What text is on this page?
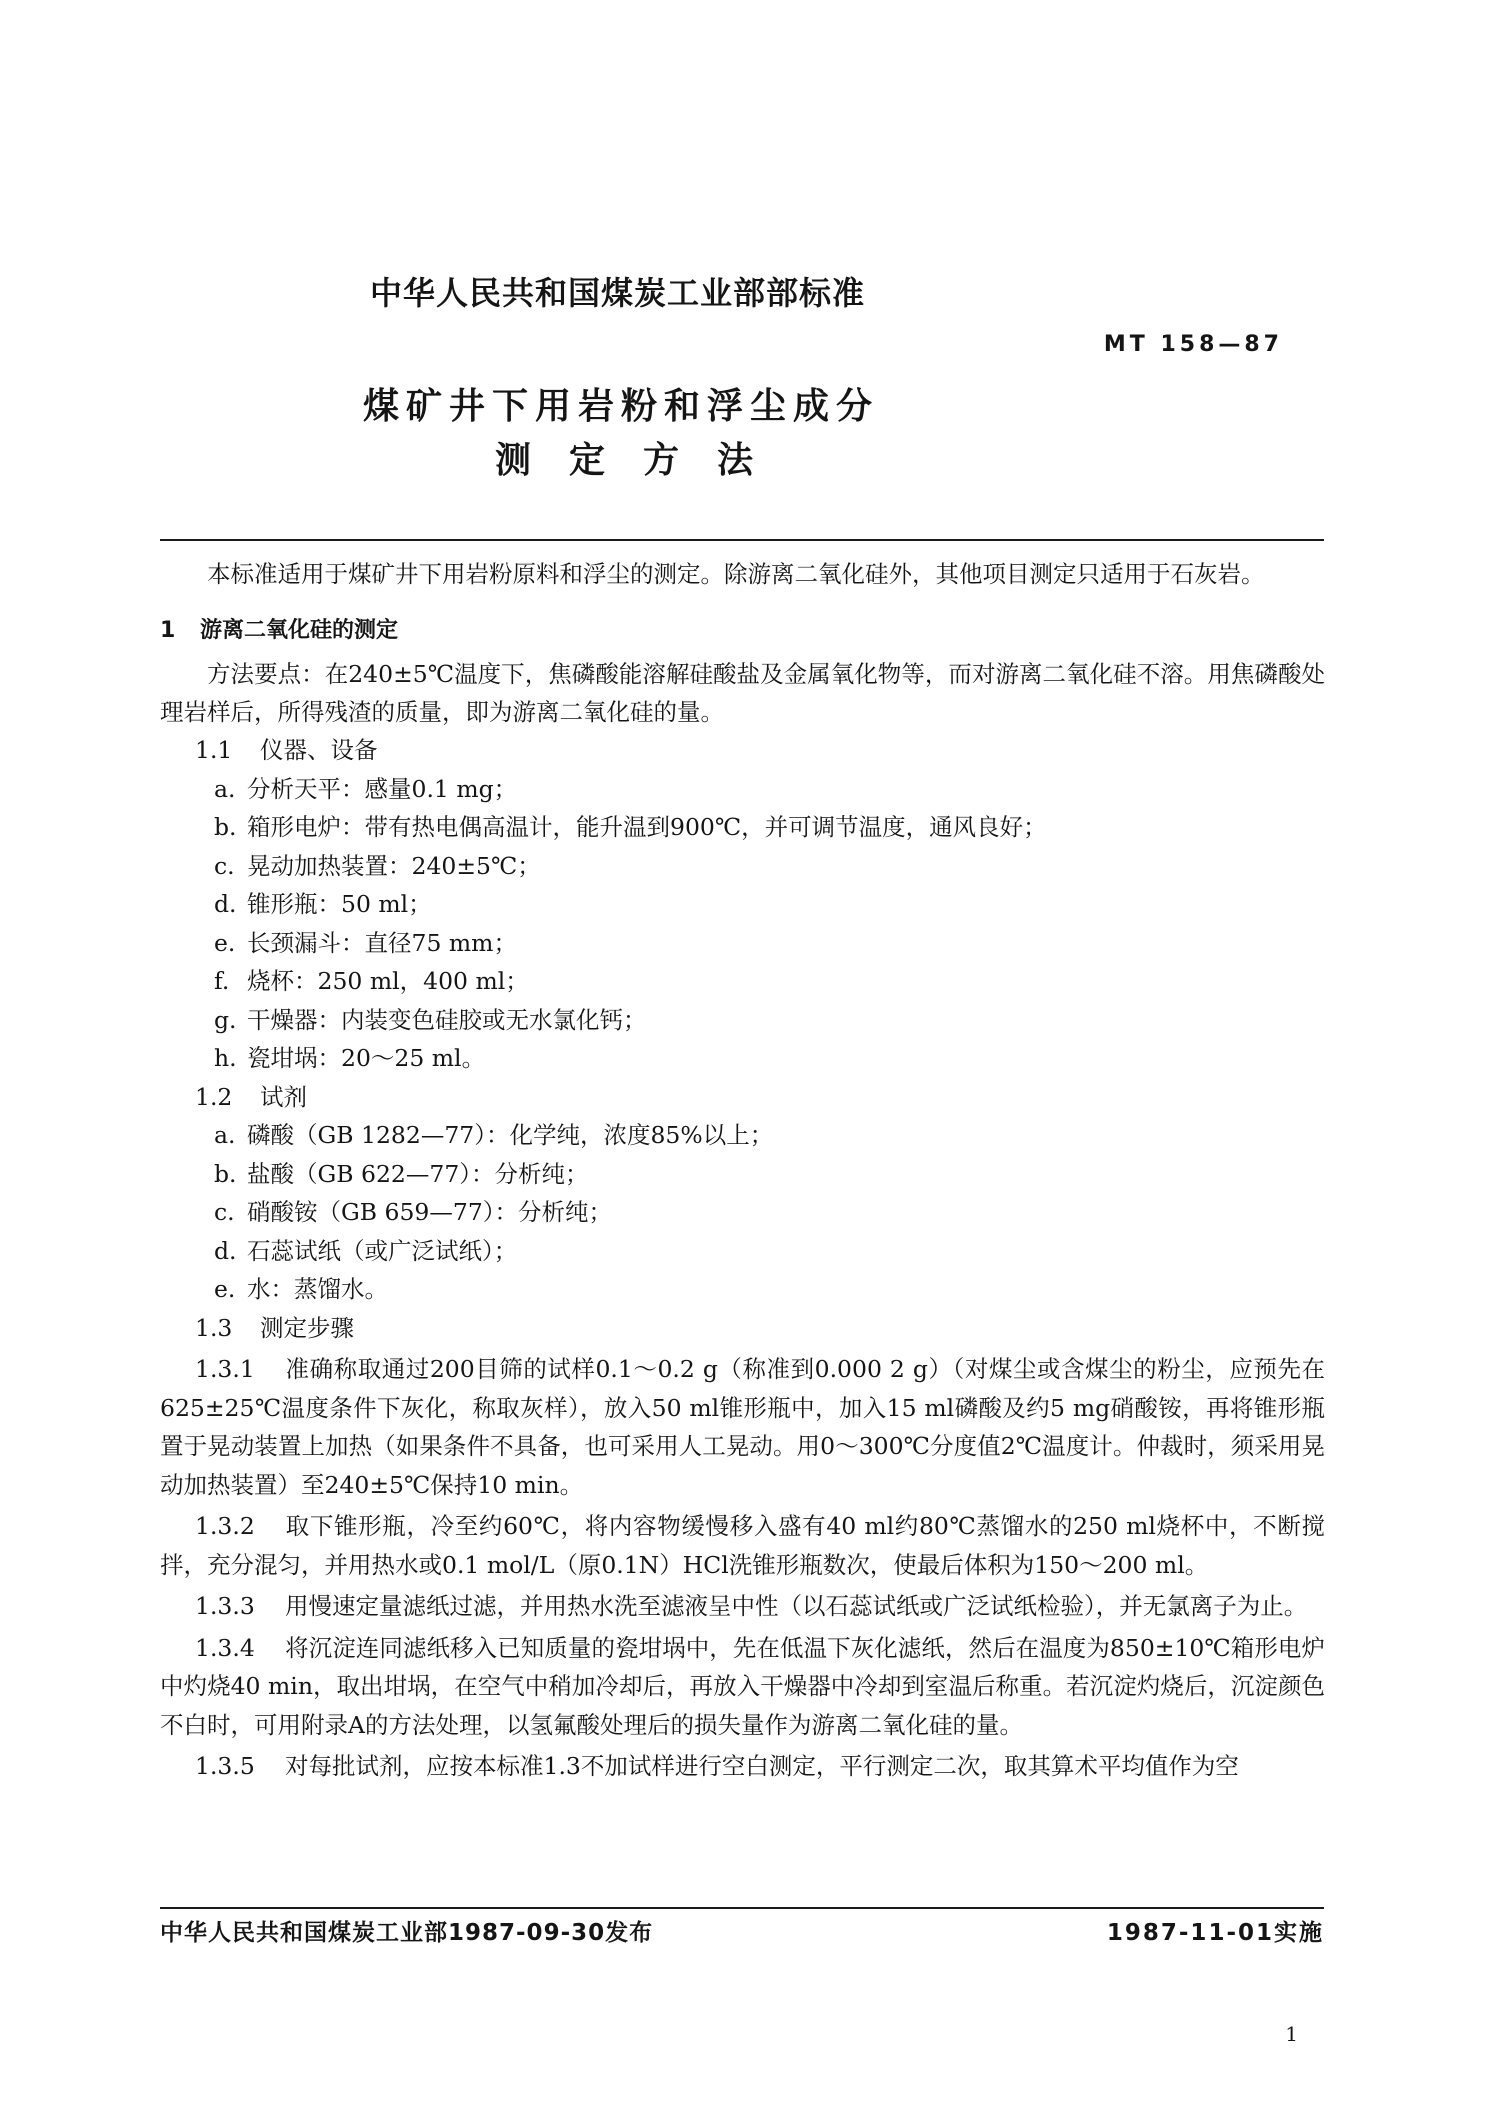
中华人民共和国煤炭工业部部标准
MT 158—87
煤矿井下用岩粉和浮尘成分
测定方法

本标准适用于煤矿井下用岩粉原料和浮尘的测定。除游离二氧化硅外，其他项目测定只适用于石灰岩。

1 游离二氧化硅的测定

方法要点：在240±5℃温度下，焦磷酸能溶解硅酸盐及金属氧化物等，而对游离二氧化硅不溶。用焦磷酸处理岩样后，所得残渣的质量，即为游离二氧化硅的量。

1.1 仪器、设备
a. 分析天平：感量0.1 mg；
b. 箱形电炉：带有热电偶高温计，能升温到900℃，并可调节温度，通风良好；
c. 晃动加热装置：240±5℃；
d. 锥形瓶：50 ml；
e. 长颈漏斗：直径75 mm；
f. 烧杯：250 ml，400 ml；
g. 干燥器：内装变色硅胶或无水氯化钙；
h. 瓷坩埚：20～25 ml。
1.2 试剂
a. 磷酸（GB 1282—77）：化学纯，浓度85%以上；
b. 盐酸（GB 622—77）：分析纯；
c. 硝酸铵（GB 659—77）：分析纯；
d. 石蕊试纸（或广泛试纸）；
e. 水：蒸馏水。
1.3 测定步骤

1.3.1 准确称取通过200目筛的试样0.1～0.2 g（称准到0.000 2 g）（对煤尘或含煤尘的粉尘，应预先在625±25℃温度条件下灰化，称取灰样），放入50 ml锥形瓶中，加入15 ml磷酸及约5 mg硝酸铵，再将锥形瓶置于晃动装置上加热（如果条件不具备，也可采用人工晃动。用0～300℃分度值2℃温度计。仲裁时，须采用晃动加热装置）至240±5℃保持10 min。

1.3.2 取下锥形瓶，冷至约60℃，将内容物缓慢移入盛有40 ml约80℃蒸馏水的250 ml烧杯中，不断搅拌，充分混匀，并用热水或0.1 mol/L（原0.1N）HCl洗锥形瓶数次，使最后体积为150～200 ml。

1.3.3 用慢速定量滤纸过滤，并用热水洗至滤液呈中性（以石蕊试纸或广泛试纸检验），并无氯离子为止。

1.3.4 将沉淀连同滤纸移入已知质量的瓷坩埚中，先在低温下灰化滤纸，然后在温度为850±10℃箱形电炉中灼烧40 min，取出坩埚，在空气中稍加冷却后，再放入干燥器中冷却到室温后称重。若沉淀灼烧后，沉淀颜色不白时，可用附录A的方法处理，以氢氟酸处理后的损失量作为游离二氧化硅的量。

1.3.5 对每批试剂，应按本标准1.3不加试样进行空白测定，平行测定二次，取其算术平均值作为空

中华人民共和国煤炭工业部1987-09-30发布	1987-11-01实施
1
